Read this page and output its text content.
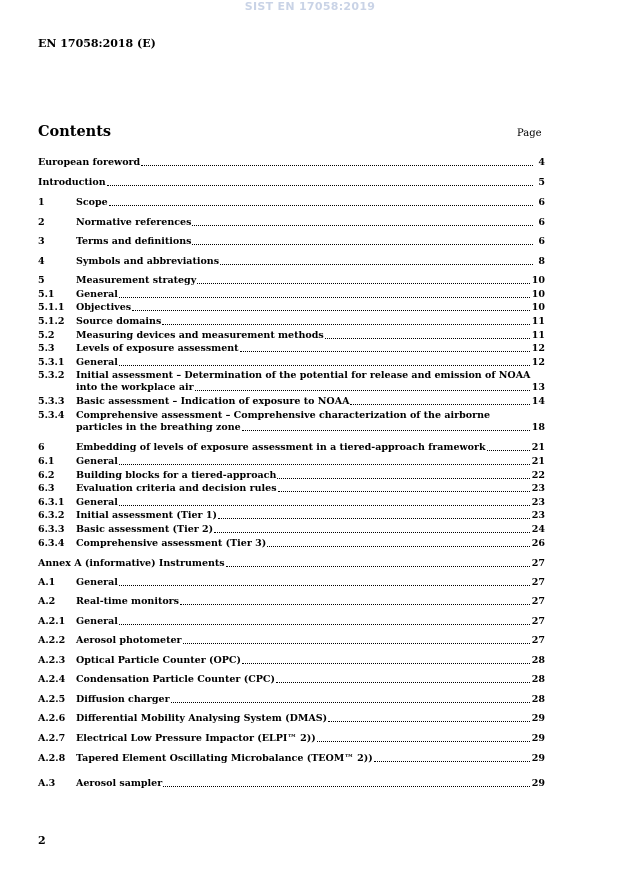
SIST EN 17058:2019
EN 17058:2018 (E)
Contents	Page
European foreword	4
Introduction	5
1	Scope	6
2	Normative references	6
3	Terms and definitions	6
4	Symbols and abbreviations	8
5	Measurement strategy	10
5.1	General	10
5.1.1	Objectives	10
5.1.2	Source domains	11
5.2	Measuring devices and measurement methods	11
5.3	Levels of exposure assessment	12
5.3.1	General	12
5.3.2	Initial assessment – Determination of the potential for release and emission of NOAA
into the workplace air	13
5.3.3	Basic assessment – Indication of exposure to NOAA	14
5.3.4	Comprehensive assessment – Comprehensive characterization of the airborne
particles in the breathing zone	18
6	Embedding of levels of exposure assessment in a tiered-approach framework	21
6.1	General	21
6.2	Building blocks for a tiered-approach	22
6.3	Evaluation criteria and decision rules	23
6.3.1	General	23
6.3.2	Initial assessment (Tier 1)	23
6.3.3	Basic assessment (Tier 2)	24
6.3.4	Comprehensive assessment (Tier 3)	26
Annex A (informative) Instruments	27
A.1	General	27
A.2	Real-time monitors	27
A.2.1	General	27
A.2.2	Aerosol photometer	27
A.2.3	Optical Particle Counter (OPC)	28
A.2.4	Condensation Particle Counter (CPC)	28
A.2.5	Diffusion charger	28
A.2.6	Differential Mobility Analysing System (DMAS)	29
A.2.7	Electrical Low Pressure Impactor (ELPI™ 2))	29
A.2.8	Tapered Element Oscillating Microbalance (TEOM™ 2))	29
A.3	Aerosol sampler	29
2
